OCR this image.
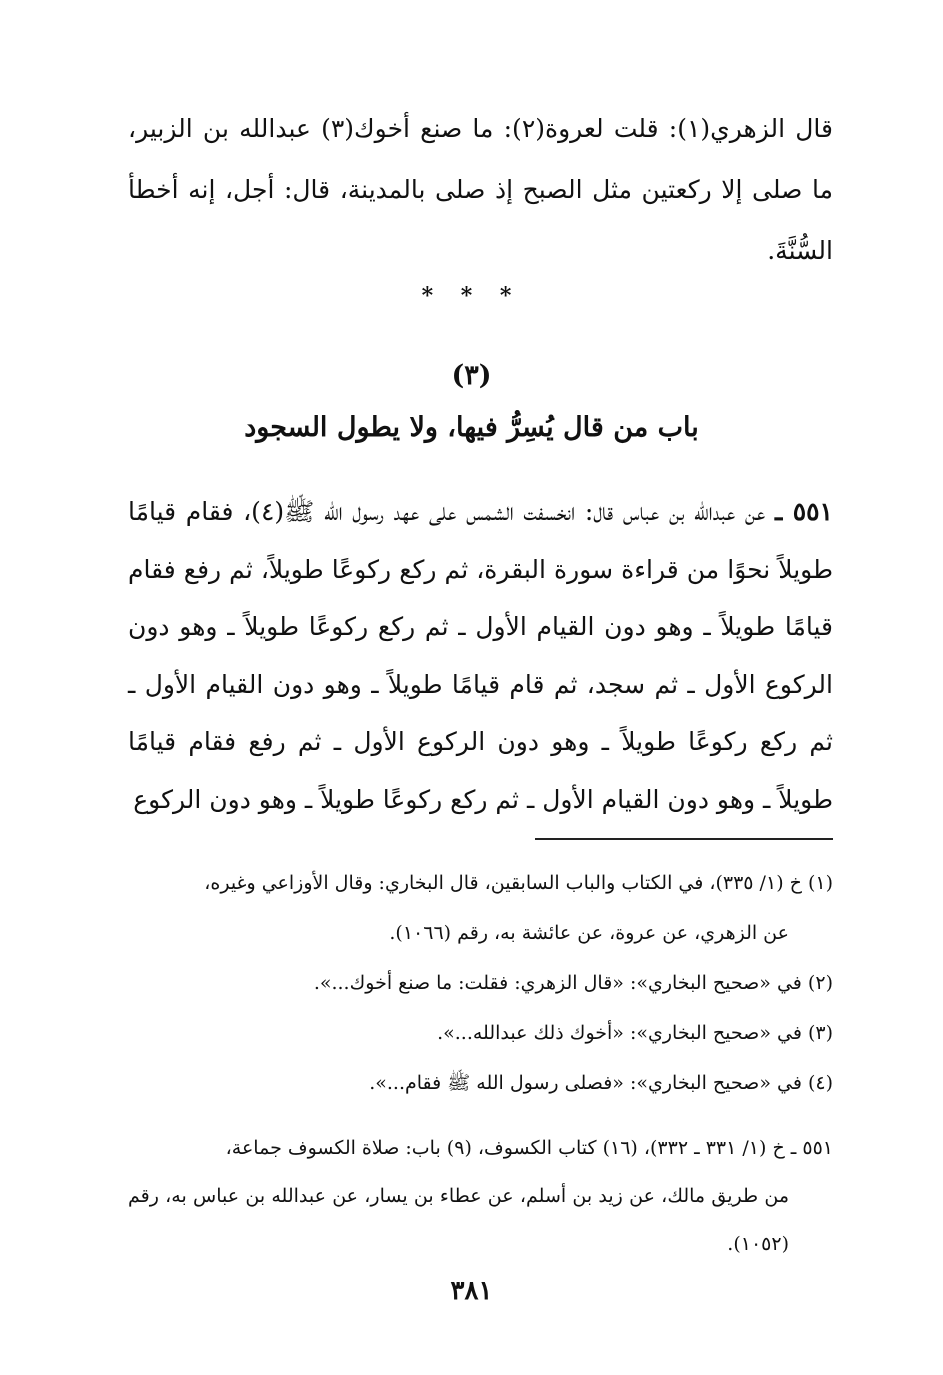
قال الزهري(١): قلت لعروة(٢): ما صنع أخوك(٣) عبدالله بن الزبير، ما صلى إلا ركعتين مثل الصبح إذ صلى بالمدينة، قال: أجل، إنه أخطأ السُّنَّةَ.
* * *
(٣)
باب من قال يُسِرُّ فيها، ولا يطول السجود
٥٥١ ـ عن عبدالله بن عباس قال: انخسفت الشمس على عهد رسول الله ﷺ(٤)، فقام قيامًا طويلاً نحوًا من قراءة سورة البقرة، ثم ركع ركوعًا طويلاً، ثم رفع فقام قيامًا طويلاً ـ وهو دون القيام الأول ـ ثم ركع ركوعًا طويلاً ـ وهو دون الركوع الأول ـ ثم سجد، ثم قام قيامًا طويلاً ـ وهو دون القيام الأول ـ ثم ركع ركوعًا طويلاً ـ وهو دون الركوع الأول ـ ثم رفع فقام قيامًا طويلاً ـ وهو دون القيام الأول ـ ثم ركع ركوعًا طويلاً ـ وهو دون الركوع

(١) خ (١/ ٣٣٥)، في الكتاب والباب السابقين، قال البخاري: وقال الأوزاعي وغيره،
عن الزهري، عن عروة، عن عائشة به، رقم (١٠٦٦).

(٢) في «صحيح البخاري»: «قال الزهري: فقلت: ما صنع أخوك...».

(٣) في «صحيح البخاري»: «أخوك ذلك عبدالله...».

(٤) في «صحيح البخاري»: «فصلى رسول الله ﷺ فقام...».

٥٥١ ـ خ (١/ ٣٣١ ـ ٣٣٢)، (١٦) كتاب الكسوف، (٩) باب: صلاة الكسوف جماعة،
من طريق مالك، عن زيد بن أسلم، عن عطاء بن يسار، عن عبدالله بن عباس به، رقم (١٠٥٢).
٣٨١
